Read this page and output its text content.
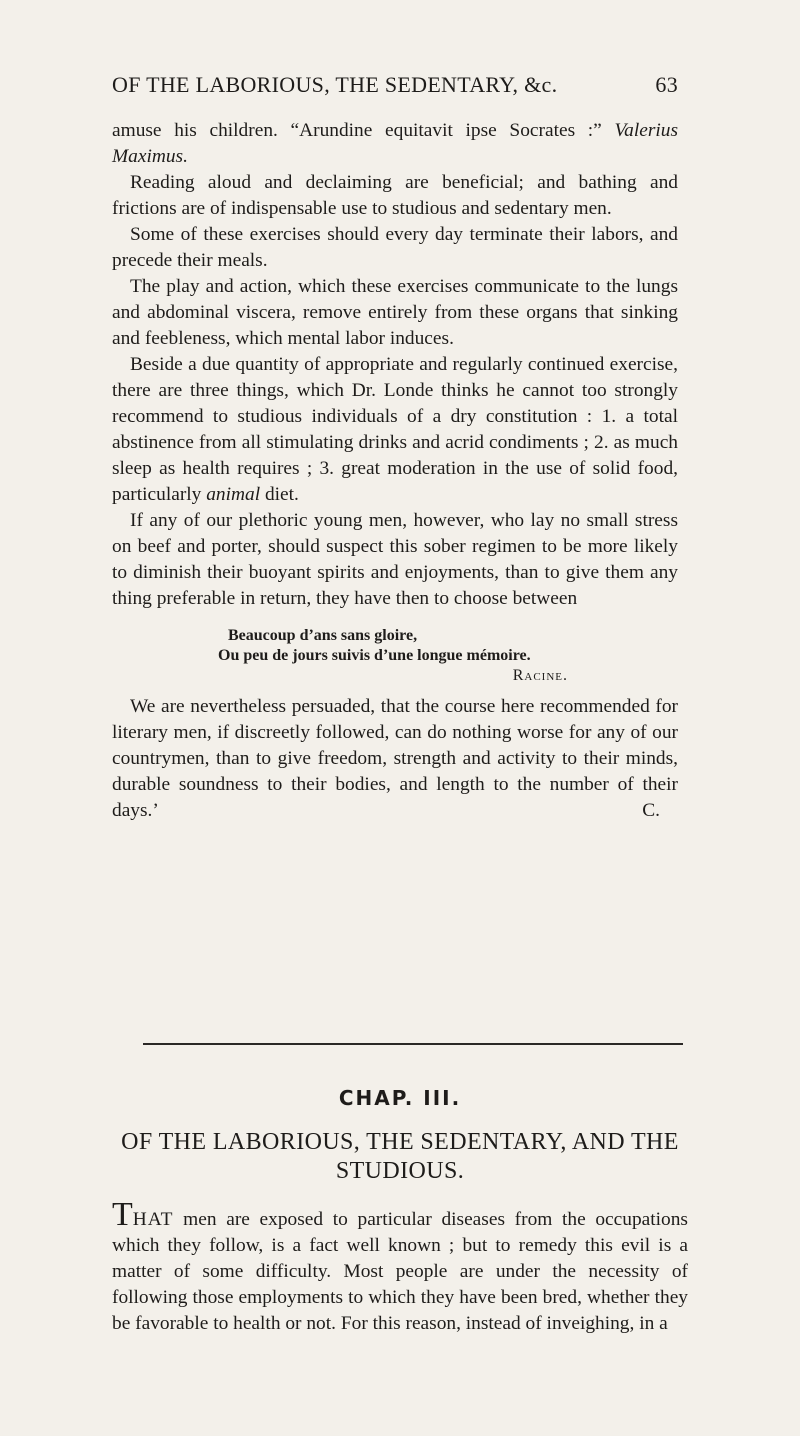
OF THE LABORIOUS, THE SEDENTARY, &c.	63

amuse his children. “Arundine equitavit ipse Socrates :” Valerius Maximus.

Reading aloud and declaiming are beneficial; and bathing and frictions are of indispensable use to studious and sedentary men.

Some of these exercises should every day terminate their labors, and precede their meals.

The play and action, which these exercises communicate to the lungs and abdominal viscera, remove entirely from these organs that sinking and feebleness, which mental labor induces.

Beside a due quantity of appropriate and regularly continued exercise, there are three things, which Dr. Londe thinks he cannot too strongly recommend to studious individuals of a dry constitution : 1. a total abstinence from all stimulating drinks and acrid condiments ; 2. as much sleep as health requires ; 3. great moderation in the use of solid food, particularly animal diet.

If any of our plethoric young men, however, who lay no small stress on beef and porter, should suspect this sober regimen to be more likely to diminish their buoyant spirits and enjoyments, than to give them any thing preferable in return, they have then to choose between

Beaucoup d’ans sans gloire,
Ou peu de jours suivis d’une longue mémoire.
Racine.

We are nevertheless persuaded, that the course here recommended for literary men, if discreetly followed, can do nothing worse for any of our countrymen, than to give freedom, strength and activity to their minds, durable soundness to their bodies, and length to the number of their days.’	C.

CHAP. III.
OF THE LABORIOUS, THE SEDENTARY, AND THE STUDIOUS.

THAT men are exposed to particular diseases from the occupations which they follow, is a fact well known ; but to remedy this evil is a matter of some difficulty. Most people are under the necessity of following those employments to which they have been bred, whether they be favorable to health or not. For this reason, instead of inveighing, in a
